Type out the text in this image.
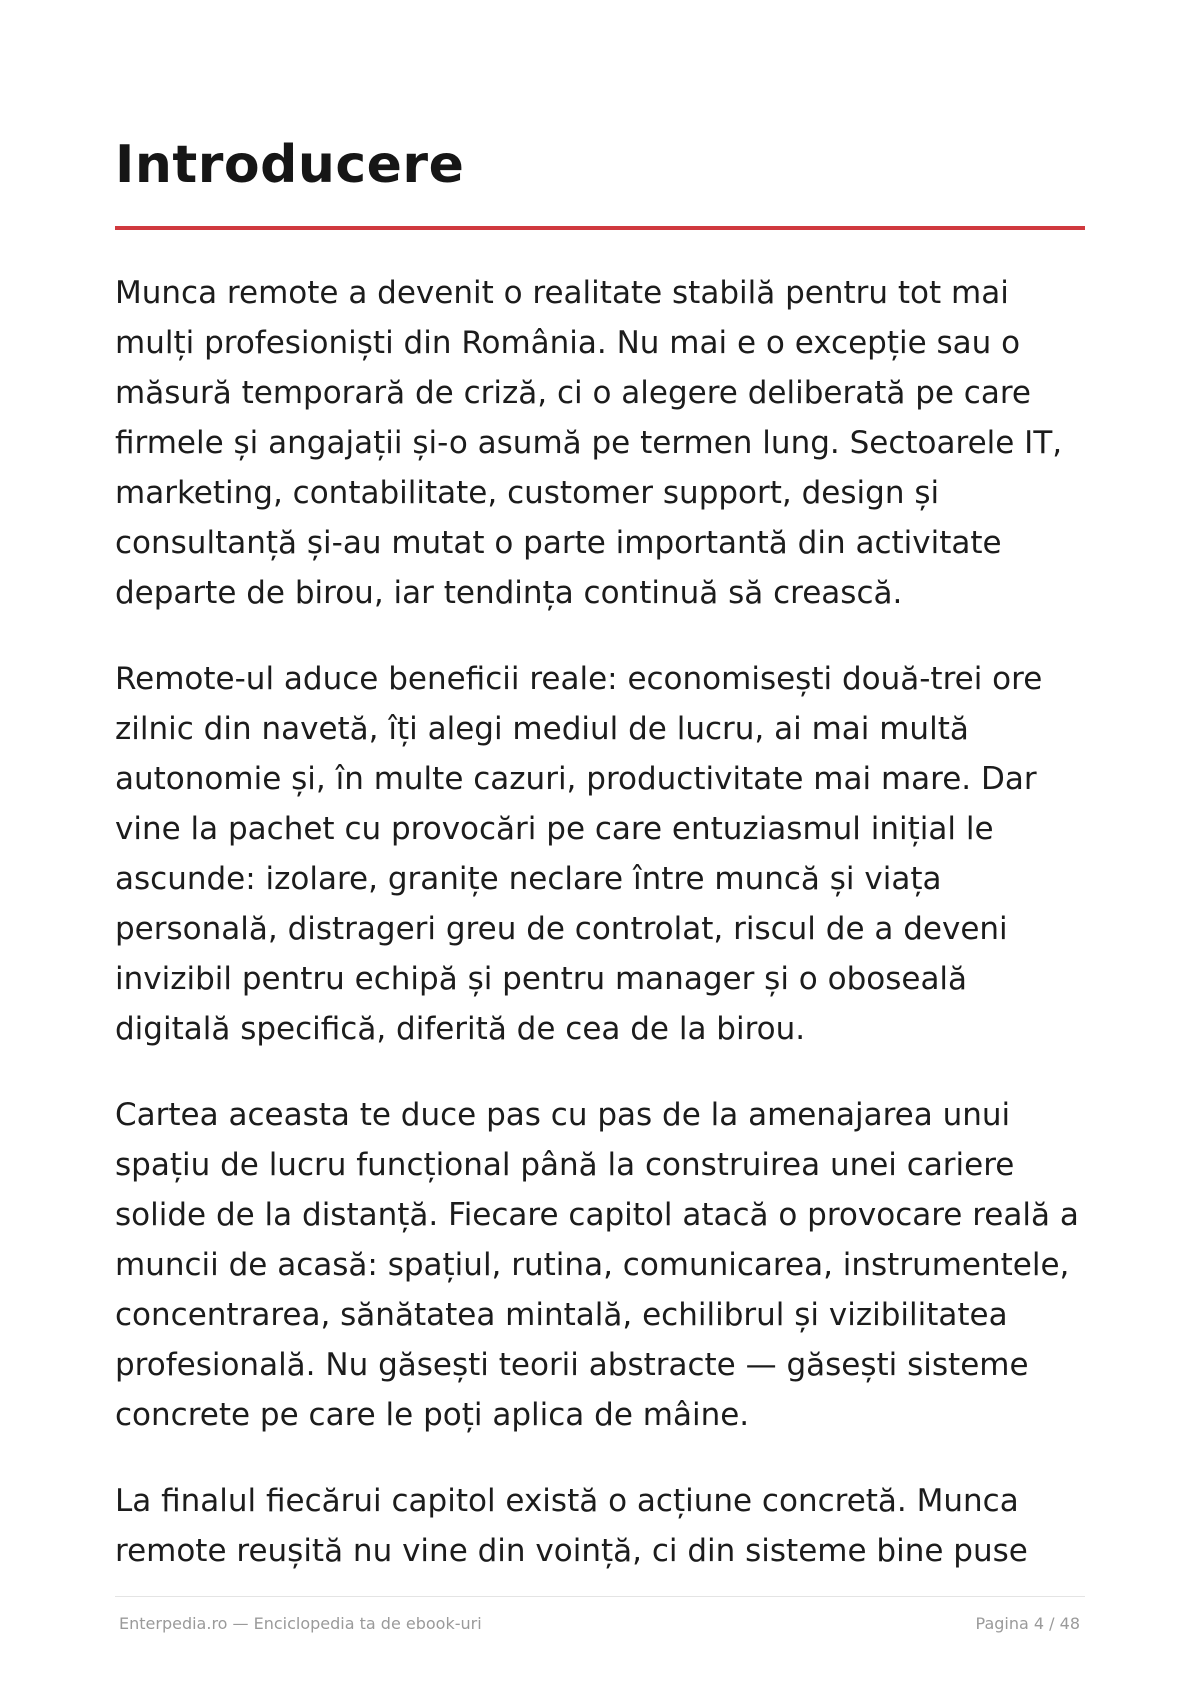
Introducere

Munca remote a devenit o realitate stabilă pentru tot mai mulți profesioniști din România. Nu mai e o excepție sau o măsură temporară de criză, ci o alegere deliberată pe care firmele și angajații și-o asumă pe termen lung. Sectoarele IT, marketing, contabilitate, customer support, design și consultanță și-au mutat o parte importantă din activitate departe de birou, iar tendința continuă să crească.

Remote-ul aduce beneficii reale: economisești două-trei ore zilnic din navetă, îți alegi mediul de lucru, ai mai multă autonomie și, în multe cazuri, productivitate mai mare. Dar vine la pachet cu provocări pe care entuziasmul inițial le ascunde: izolare, granițe neclare între muncă și viața personală, distrageri greu de controlat, riscul de a deveni invizibil pentru echipă și pentru manager și o oboseală digitală specifică, diferită de cea de la birou.

Cartea aceasta te duce pas cu pas de la amenajarea unui spațiu de lucru funcțional până la construirea unei cariere solide de la distanță. Fiecare capitol atacă o provocare reală a muncii de acasă: spațiul, rutina, comunicarea, instrumentele, concentrarea, sănătatea mintală, echilibrul și vizibilitatea profesională. Nu găsești teorii abstracte — găsești sisteme concrete pe care le poți aplica de mâine.

La finalul fiecărui capitol există o acțiune concretă. Munca remote reușită nu vine din voință, ci din sisteme bine puse

Enterpedia.ro — Enciclopedia ta de ebook-uri	Pagina 4 / 48
